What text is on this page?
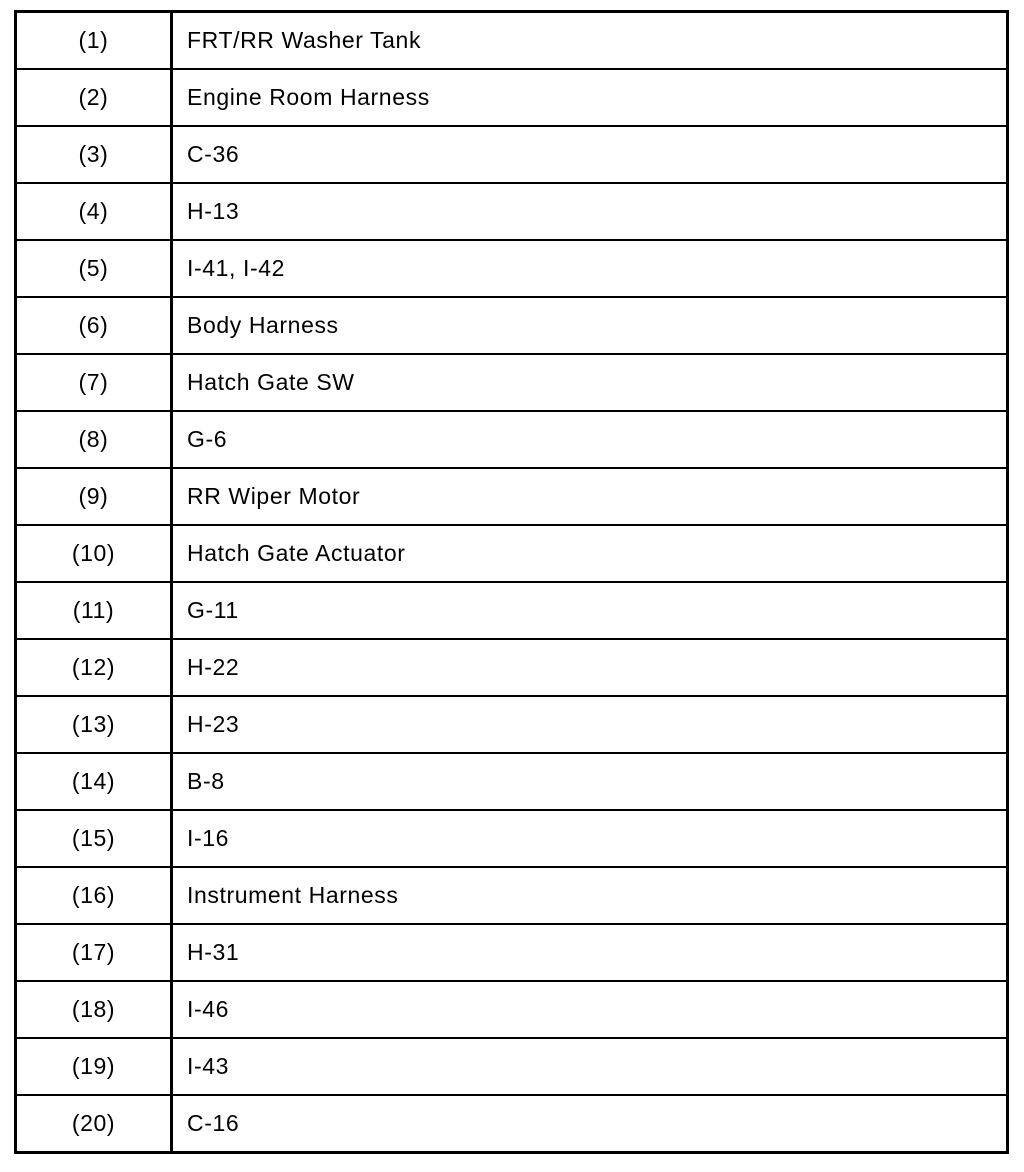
(1)	FRT/RR Washer Tank
(2)	Engine Room Harness
(3)	C-36
(4)	H-13
(5)	I-41, I-42
(6)	Body Harness
(7)	Hatch Gate SW
(8)	G-6
(9)	RR Wiper Motor
(10)	Hatch Gate Actuator
(11)	G-11
(12)	H-22
(13)	H-23
(14)	B-8
(15)	I-16
(16)	Instrument Harness
(17)	H-31
(18)	I-46
(19)	I-43
(20)	C-16
